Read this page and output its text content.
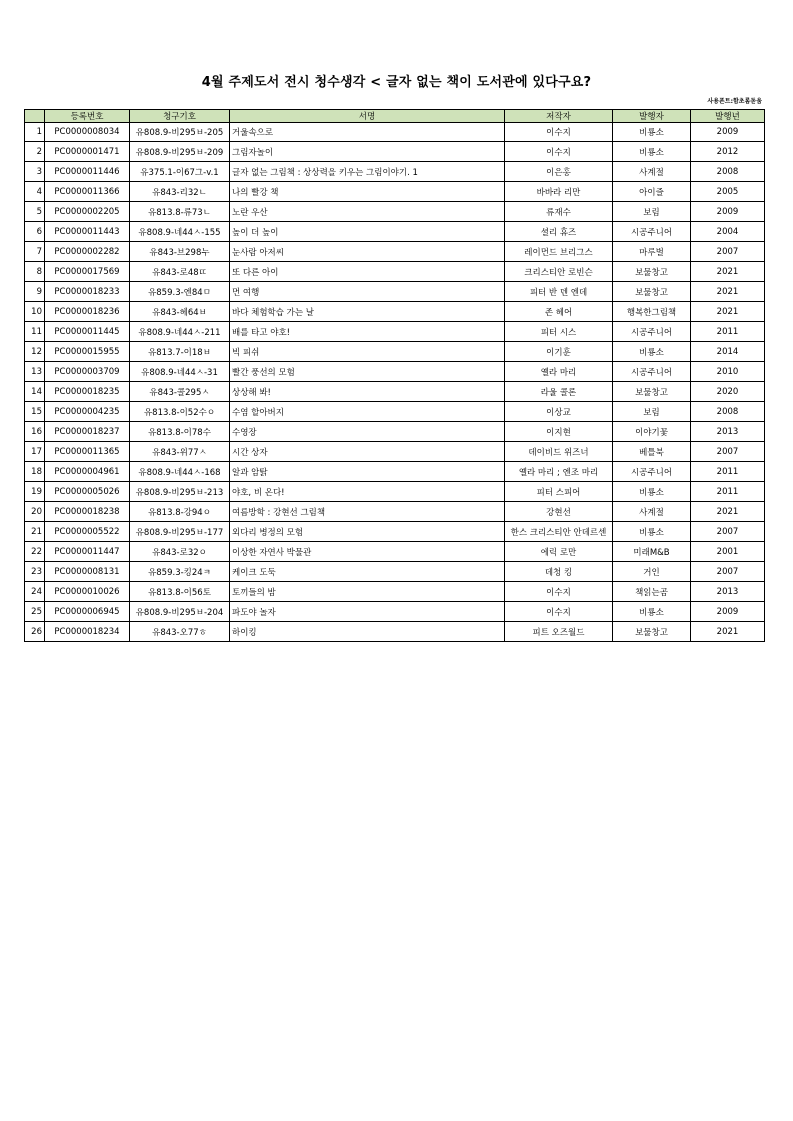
4월 주제도서 전시 청수생각 < 글자 없는 책이 도서관에 있다구요?
사용폰트:함초롬돋움
	등록번호	청구기호	서명	저작자	발행자	발행년
1	PC0000008034	유808.9-비295ㅂ-205	거울속으로	이수지	비룡소	2009
2	PC0000001471	유808.9-비295ㅂ-209	그림자놀이	이수지	비룡소	2012
3	PC0000011446	유375.1-이67그-v.1	글자 없는 그림책 : 상상력을 키우는 그림이야기. 1	이은홍	사계절	2008
4	PC0000011366	유843-리32ㄴ	나의 빨강 책	바바라 리만	아이즐	2005
5	PC0000002205	유813.8-류73ㄴ	노란 우산	류재수	보림	2009
6	PC0000011443	유808.9-네44ㅅ-155	높이 더 높이	셜리 휴즈	시공주니어	2004
7	PC0000002282	유843-브298누	눈사람 아저씨	레이먼드 브리그스	마루벌	2007
8	PC0000017569	유843-로48ㄸ	또 다른 아이	크리스티안 로빈슨	보물창고	2021
9	PC0000018233	유859.3-엔84ㅁ	먼 여행	피터 반 덴 엔데	보물창고	2021
10	PC0000018236	유843-헤64ㅂ	바다 체험학습 가는 날	존 헤어	행복한그림책	2021
11	PC0000011445	유808.9-네44ㅅ-211	배를 타고 야호!	피터 시스	시공주니어	2011
12	PC0000015955	유813.7-이18ㅂ	빅 피쉬	이기훈	비룡소	2014
13	PC0000003709	유808.9-네44ㅅ-31	빨간 풍선의 모험	옐라 마리	시공주니어	2010
14	PC0000018235	유843-콜295ㅅ	상상해 봐!	라울 콜론	보물창고	2020
15	PC0000004235	유813.8-이52수ㅇ	수염 할아버지	이상교	보림	2008
16	PC0000018237	유813.8-이78수	수영장	이지현	이야기꽃	2013
17	PC0000011365	유843-위77ㅅ	시간 상자	데이비드 위즈너	베틀북	2007
18	PC0000004961	유808.9-네44ㅅ-168	알과 암탉	옐라 마리 ; 엔조 마리	시공주니어	2011
19	PC0000005026	유808.9-비295ㅂ-213	야호, 비 온다!	피터 스피어	비룡소	2011
20	PC0000018238	유813.8-강94ㅇ	여름방학 : 강현선 그림책	강현선	사계절	2021
21	PC0000005522	유808.9-비295ㅂ-177	외다리 병정의 모험	한스 크리스티안 안데르센	비룡소	2007
22	PC0000011447	유843-로32ㅇ	이상한 자연사 박물관	에릭 로만	미래M&B	2001
23	PC0000008131	유859.3-킹24ㅋ	케이크 도둑	데청 킹	거인	2007
24	PC0000010026	유813.8-이56토	토끼들의 밤	이수지	책읽는곰	2013
25	PC0000006945	유808.9-비295ㅂ-204	파도야 놀자	이수지	비룡소	2009
26	PC0000018234	유843-오77ㅎ	하이킹	피트 오즈월드	보물창고	2021
